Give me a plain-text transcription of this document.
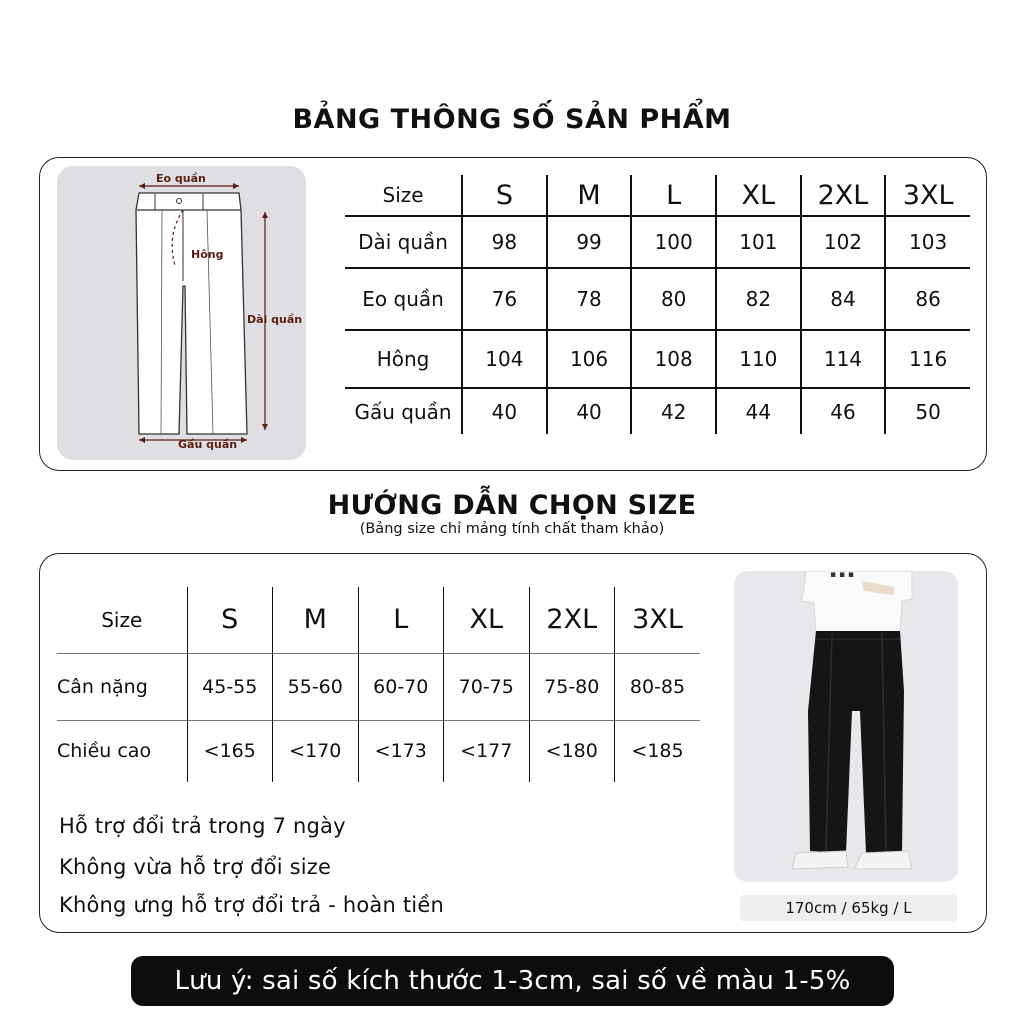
BẢNG THÔNG SỐ SẢN PHẨM
Eo quần
Hông
Dài quần
Gấu quần
Size	S	M	L	XL	2XL	3XL
Dài quần	98	99	100	101	102	103
Eo quần	76	78	80	82	84	86
Hông	104	106	108	110	114	116
Gấu quần	40	40	42	44	46	50
HƯỚNG DẪN CHỌN SIZE
(Bảng size chỉ mảng tính chất tham khảo)
Size	S	M	L	XL	2XL	3XL
Cân nặng	45-55	55-60	60-70	70-75	75-80	80-85
Chiều cao	<165	<170	<173	<177	<180	<185
Hỗ trợ đổi trả trong 7 ngày
Không vừa hỗ trợ đổi size
Không ưng hỗ trợ đổi trả - hoàn tiền
▪ ▪ ▪
170cm / 65kg / L
Lưu ý: sai số kích thước 1-3cm, sai số về màu 1-5%
